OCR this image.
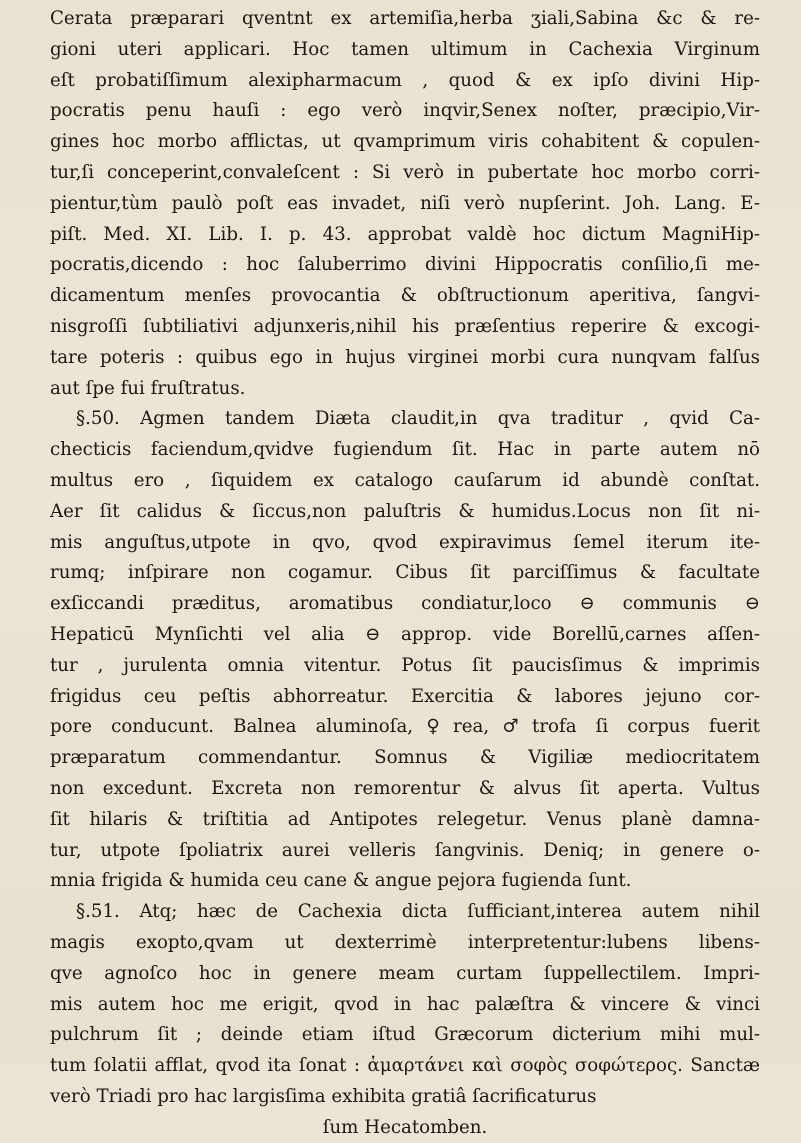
Cerata præparari qventnt ex artemiſia,herba ʒiali,Sabina &c & re-
gioni uteri applicari. Hoc tamen ultimum in Cachexia Virginum
eſt probatiſſimum alexipharmacum , quod & ex ipſo divini Hip-
pocratis penu hauſi : ego verò inqvir,Senex noſter, præcipio,Vir-
gines hoc morbo afflictas, ut qvamprimum viris cohabitent & copulen-
tur,ſi conceperint,convaleſcent : Si verò in pubertate hoc morbo corri-
pientur,tùm paulò poſt eas invadet, niſi verò nupſerint. Joh. Lang. E-
piſt. Med. XI. Lib. I. p. 43. approbat valdè hoc dictum MagniHip-
pocratis,dicendo : hoc ſaluberrimo divini Hippocratis conſilio,ſi me-
dicamentum menſes provocantia & obſtructionum aperitiva, ſangvi-
nisgroſſi ſubtiliativi adjunxeris,nihil his præſentius reperire & excogi-
tare poteris : quibus ego in hujus virginei morbi cura nunqvam falſus
aut ſpe fui fruſtratus.
§.50. Agmen tandem Diæta claudit,in qva traditur , qvid Ca-
checticis faciendum,qvidve fugiendum ſit. Hac in parte autem nō
multus ero , ſiquidem ex catalogo cauſarum id abundè conſtat.
Aer ſit calidus & ſiccus,non paluſtris & humidus.Locus non ſit ni-
mis anguſtus,utpote in qvo, qvod expiravimus ſemel iterum ite-
rumq; inſpirare non cogamur. Cibus ſit parciſſimus & facultate
exſiccandi præditus, aromatibus condiatur,loco ⊖ communis ⊖
Hepaticū Mynſichti vel alia ⊖ approp. vide Borellū,carnes aſſen-
tur , jurulenta omnia vitentur. Potus ſit paucisſimus & imprimis
frigidus ceu peſtis abhorreatur. Exercitia & labores jejuno cor-
pore conducunt. Balnea aluminoſa,♀rea,♂trofa ſi corpus fuerit
præparatum commendantur. Somnus & Vigiliæ mediocritatem
non excedunt. Excreta non remorentur & alvus ſit aperta. Vultus
ſit hilaris & triſtitia ad Antipotes relegetur. Venus planè damna-
tur, utpote ſpoliatrix aurei velleris ſangvinis. Deniq; in genere o-
mnia frigida & humida ceu cane & angue pejora fugienda ſunt.
§.51. Atq; hæc de Cachexia dicta ſufficiant,interea autem nihil
magis exopto,qvam ut dexterrimè interpretentur:lubens libens-
qve agnoſco hoc in genere meam curtam ſuppellectilem. Impri-
mis autem hoc me erigit, qvod in hac palæſtra & vincere & vinci
pulchrum ſit ; deinde etiam iſtud Græcorum dicterium mihi mul-
tum ſolatii afflat, qvod ita ſonat : ἁμαρτάνει καὶ σοφὸς σοφώτερος. Sanctæ
verò Triadi pro hac largisſima exhibita gratiâ ſacrificaturus
ſum Hecatomben.
